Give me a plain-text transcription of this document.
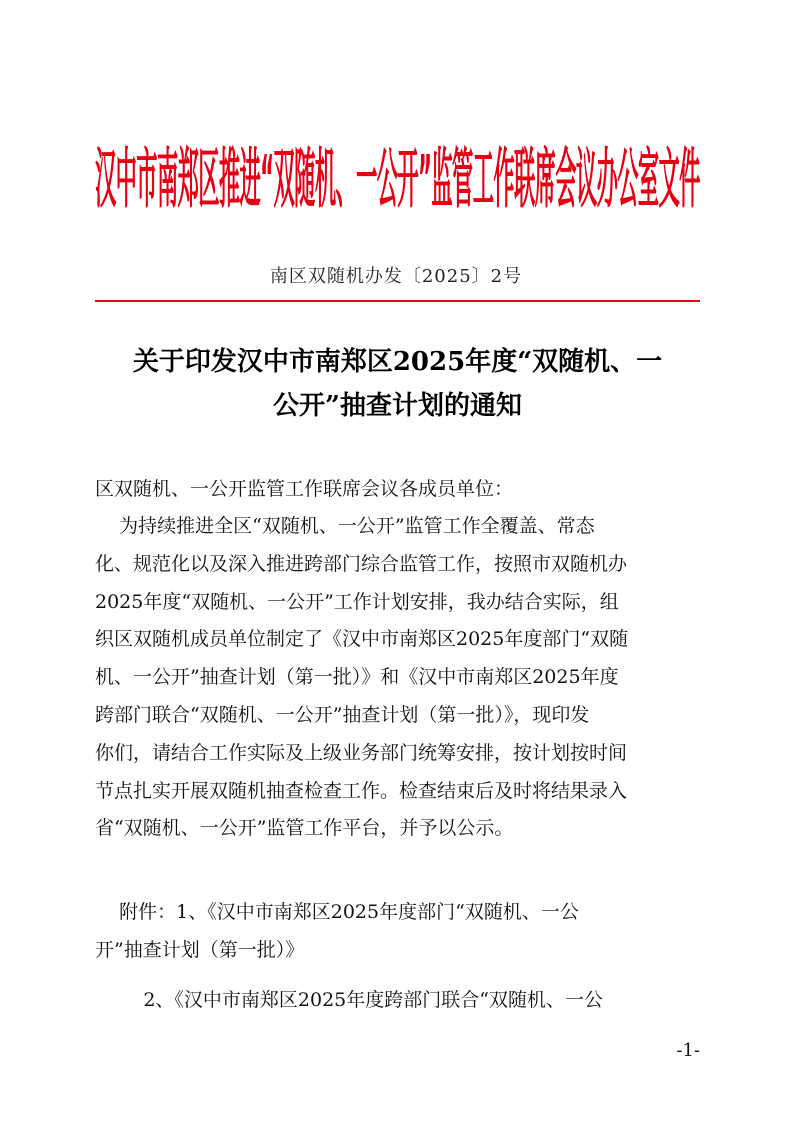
汉中市南郑区推进“双随机、一公开”监管工作联席会议办公室文件
南区双随机办发〔2025〕2号
关于印发汉中市南郑区2025年度“双随机、一
公开”抽查计划的通知

区双随机、一公开监管工作联席会议各成员单位：

为持续推进全区“双随机、一公开”监管工作全覆盖、常态
化、规范化以及深入推进跨部门综合监管工作，按照市双随机办
2025年度“双随机、一公开”工作计划安排，我办结合实际，组
织区双随机成员单位制定了《汉中市南郑区2025年度部门“双随
机、一公开”抽查计划（第一批）》和《汉中市南郑区2025年度
跨部门联合“双随机、一公开”抽查计划（第一批）》，现印发
你们，请结合工作实际及上级业务部门统筹安排，按计划按时间
节点扎实开展双随机抽查检查工作。检查结束后及时将结果录入
省“双随机、一公开”监管工作平台，并予以公示。

附件：1、《汉中市南郑区2025年度部门“双随机、一公
开”抽查计划（第一批）》
2、《汉中市南郑区2025年度跨部门联合“双随机、一公
-1-
